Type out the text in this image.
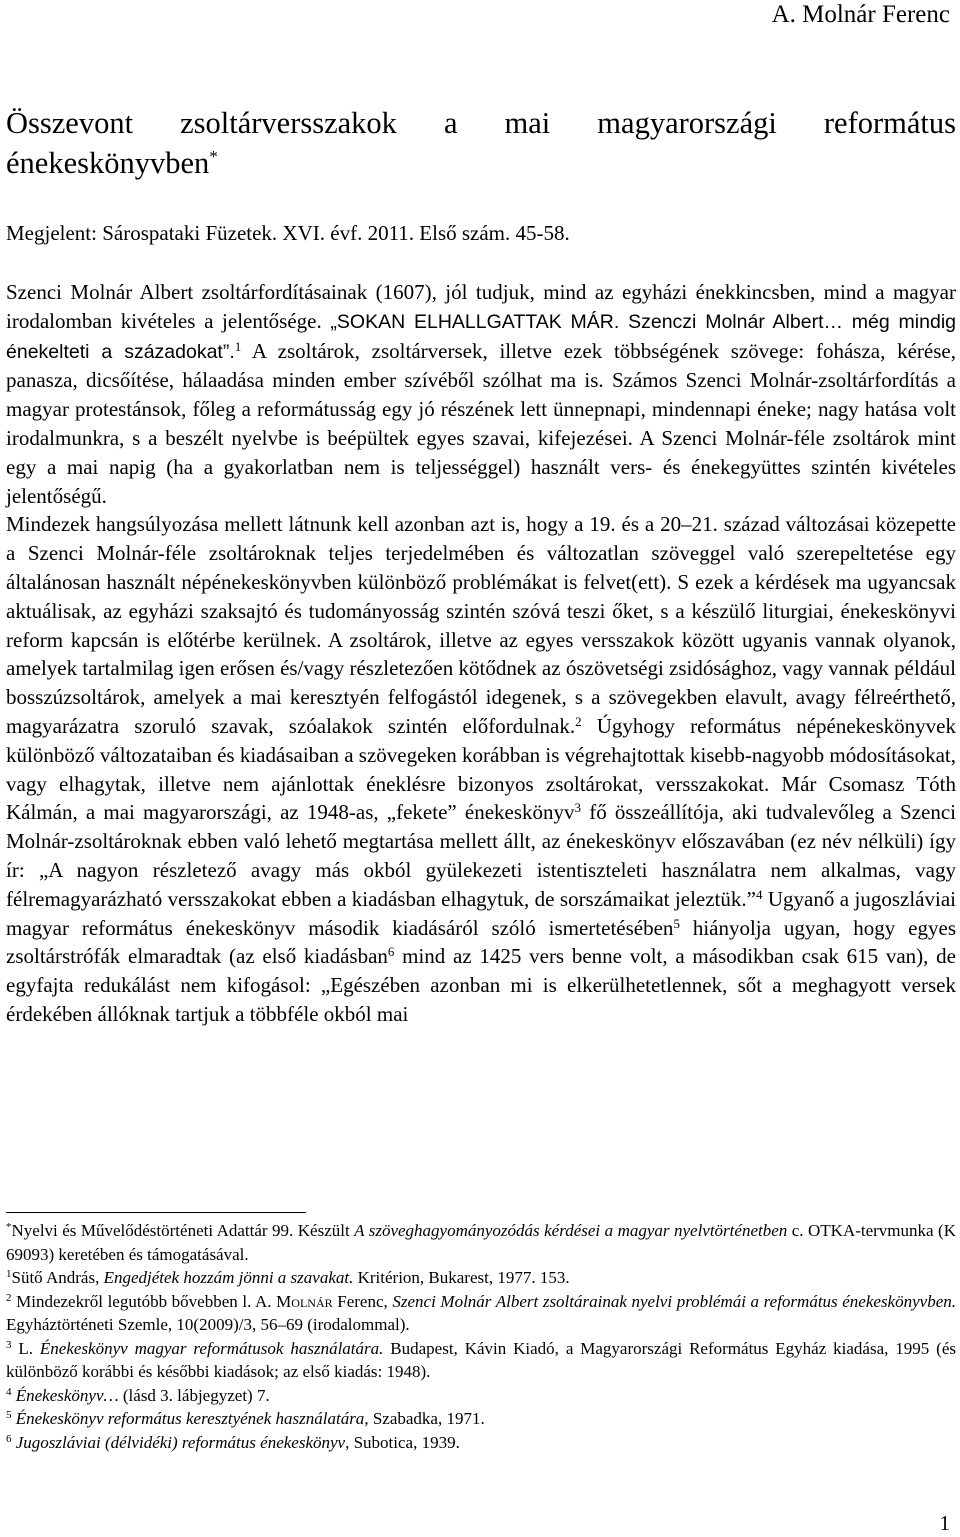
A. Molnár Ferenc
Összevont zsoltárversszakok a mai magyarországi református énekeskönyvben*
Megjelent: Sárospataki Füzetek. XVI. évf. 2011. Első szám. 45-58.

Szenci Molnár Albert zsoltárfordításainak (1607), jól tudjuk, mind az egyházi énekkincsben, mind a magyar irodalomban kivételes a jelentősége. „SOKAN ELHALLGATTAK MÁR. Szenczi Molnár Albert… még mindig énekelteti a századokat”.$^1$ A zsoltárok, zsoltárversek, illetve ezek többségének szövege: fohásza, kérése, panasza, dicsőítése, hálaadása minden ember szívéből szólhat ma is. Számos Szenci Molnár-zsoltárfordítás a magyar protestánsok, főleg a reformátusság egy jó részének lett ünnepnapi, mindennapi éneke; nagy hatása volt irodalmunkra, s a beszélt nyelvbe is beépültek egyes szavai, kifejezései. A Szenci Molnár-féle zsoltárok mint egy a mai napig (ha a gyakorlatban nem is teljességgel) használt vers- és énekegyüttes szintén kivételes jelentőségű.

Mindezek hangsúlyozása mellett látnunk kell azonban azt is, hogy a 19. és a 20–21. század változásai közepette a Szenci Molnár-féle zsoltároknak teljes terjedelmében és változatlan szöveggel való szerepeltetése egy általánosan használt népénekeskönyvben különböző problémákat is felvet(ett). S ezek a kérdések ma ugyancsak aktuálisak, az egyházi szaksajtó és tudományosság szintén szóvá teszi őket, s a készülő liturgiai, énekeskönyvi reform kapcsán is előtérbe kerülnek. A zsoltárok, illetve az egyes versszakok között ugyanis vannak olyanok, amelyek tartalmilag igen erősen és/vagy részletezően kötődnek az ószövetségi zsidósághoz, vagy vannak például bosszúzsoltárok, amelyek a mai keresztyén felfogástól idegenek, s a szövegekben elavult, avagy félreérthető, magyarázatra szoruló szavak, szóalakok szintén előfordulnak.$^2$ Úgyhogy református népénekeskönyvek különböző változataiban és kiadásaiban a szövegeken korábban is végrehajtottak kisebb-nagyobb módosításokat, vagy elhagytak, illetve nem ajánlottak éneklésre bizonyos zsoltárokat, versszakokat. Már Csomasz Tóth Kálmán, a mai magyarországi, az 1948-as, „fekete” énekeskönyv$^3$ fő összeállítója, aki tudvalevőleg a Szenci Molnár-zsoltároknak ebben való lehető megtartása mellett állt, az énekeskönyv előszavában (ez név nélküli) így ír: „A nagyon részletező avagy más okból gyülekezeti istentiszteleti használatra nem alkalmas, vagy félremagyarázható versszakokat ebben a kiadásban elhagytuk, de sorszámaikat jeleztük.”$^4$ Ugyanő a jugoszláviai magyar református énekeskönyv második kiadásáról szóló ismertetésében$^5$ hiányolja ugyan, hogy egyes zsoltárstrófák elmaradtak (az első kiadásban$^6$ mind az 1425 vers benne volt, a másodikban csak 615 van), de egyfajta redukálást nem kifogásol: „Egészében azonban mi is elkerülhetetlennek, sőt a meghagyott versek érdekében állóknak tartjuk a többféle okból mai

*Nyelvi és Művelődéstörténeti Adattár 99. Készült A szöveghagyományozódás kérdései a magyar nyelvtörténetben c. OTKA-tervmunka (K 69093) keretében és támogatásával.

$^1$Sütő András, Engedjétek hozzám jönni a szavakat. Kritérion, Bukarest, 1977. 153.

$^2$ Mindezekről legutóbb bővebben l. A. Molnár Ferenc, Szenci Molnár Albert zsoltárainak nyelvi problémái a református énekeskönyvben. Egyháztörténeti Szemle, 10(2009)/3, 56–69 (irodalommal).

$^3$ L. Énekeskönyv magyar reformátusok használatára. Budapest, Kávin Kiadó, a Magyarországi Református Egyház kiadása, 1995 (és különböző korábbi és későbbi kiadások; az első kiadás: 1948).

$^4$ Énekeskönyv… (lásd 3. lábjegyzet) 7.

$^5$ Énekeskönyv református keresztyének használatára, Szabadka, 1971.

$^6$ Jugoszláviai (délvidéki) református énekeskönyv, Subotica, 1939.

1
